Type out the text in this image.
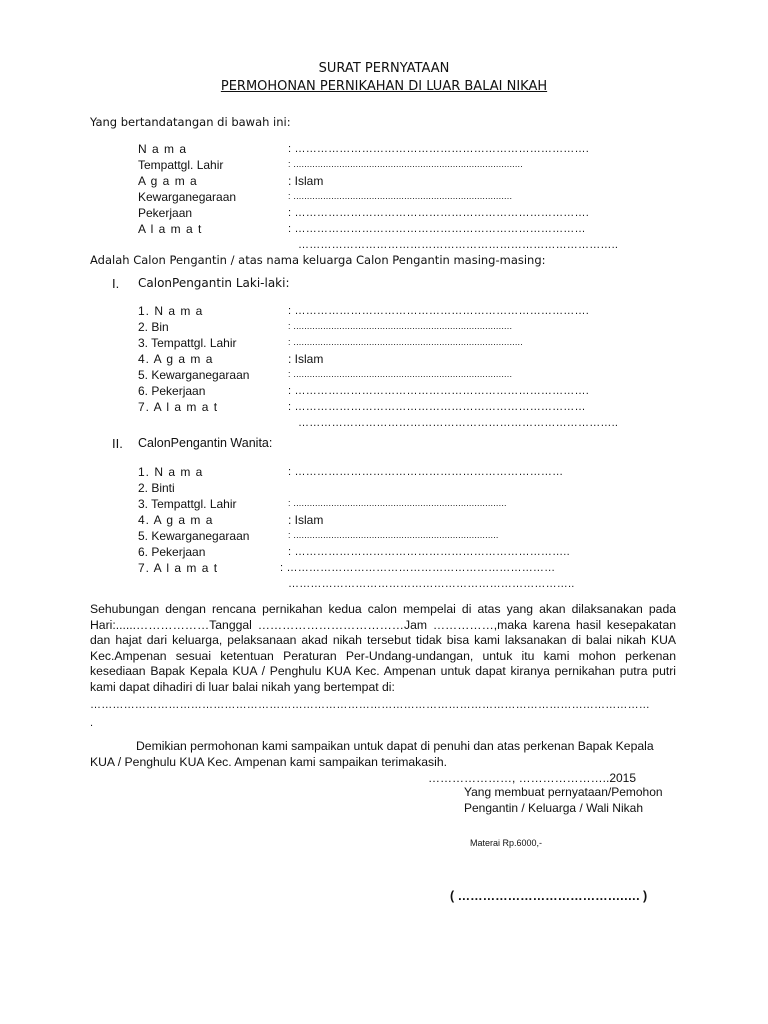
SURAT PERNYATAAN
PERMOHONAN PERNIKAHAN DI LUAR BALAI NIKAH
Yang bertandatangan di bawah ini:
N a m a	: …………………………………………………………………….
Tempattgl. Lahir	: .....................................................................................
A g a m a	: Islam
Kewarganegaraan	: .................................................................................
Pekerjaan	: …………………………………………………………………….
A l a m a t	: ……………………………………………………………………
…………………………………………………………………………..
Adalah Calon Pengantin / atas nama keluarga Calon Pengantin masing-masing:
I. CalonPengantin Laki-laki:
1. N a m a	: …………………………………………………………………….
2. Bin	: .................................................................................
3. Tempattgl. Lahir	: .....................................................................................
4. A g a m a	: Islam
5. Kewarganegaraan	: .................................................................................
6. Pekerjaan	: …………………………………………………………………….
7. A l a m a t	: ……………………………………………………………………
…………………………………………………………………………..
II. CalonPengantin Wanita:
1. N a m a	: ………………………………………………………………
2. Binti
3. Tempattgl. Lahir	: ...............................................................................
4. A g a m a	: Islam
5. Kewarganegaraan	: ............................................................................
6. Pekerjaan	: ………………………………………………………………..
7. A l a m a t	: ………………………………………………………………
…………………………………………………………………..
Sehubungan dengan rencana pernikahan kedua calon mempelai di atas yang akan dilaksanakan pada
Hari:......………………Tanggal ………………………………Jam ……………,maka karena hasil kesepakatan
dan hajat dari keluarga, pelaksanaan akad nikah tersebut tidak bisa kami laksanakan di balai nikah KUA
Kec.Ampenan sesuai ketentuan Peraturan Per-Undang-undangan, untuk itu kami mohon perkenan
kesediaan Bapak Kepala KUA / Penghulu KUA Kec. Ampenan untuk dapat kiranya pernikahan putra putri
kami dapat dihadiri di luar balai nikah yang bertempat di:
……………………………………………………………………………………………………………………………………
.
Demikian permohonan kami sampaikan untuk dapat di penuhi dan atas perkenan Bapak Kepala
KUA / Penghulu KUA Kec. Ampenan kami sampaikan terimakasih.
…………………, …………………..2015
Yang membuat pernyataan/Pemohon
Pengantin / Keluarga / Wali Nikah
Materai Rp.6000,-
( ………………………………….…. )
